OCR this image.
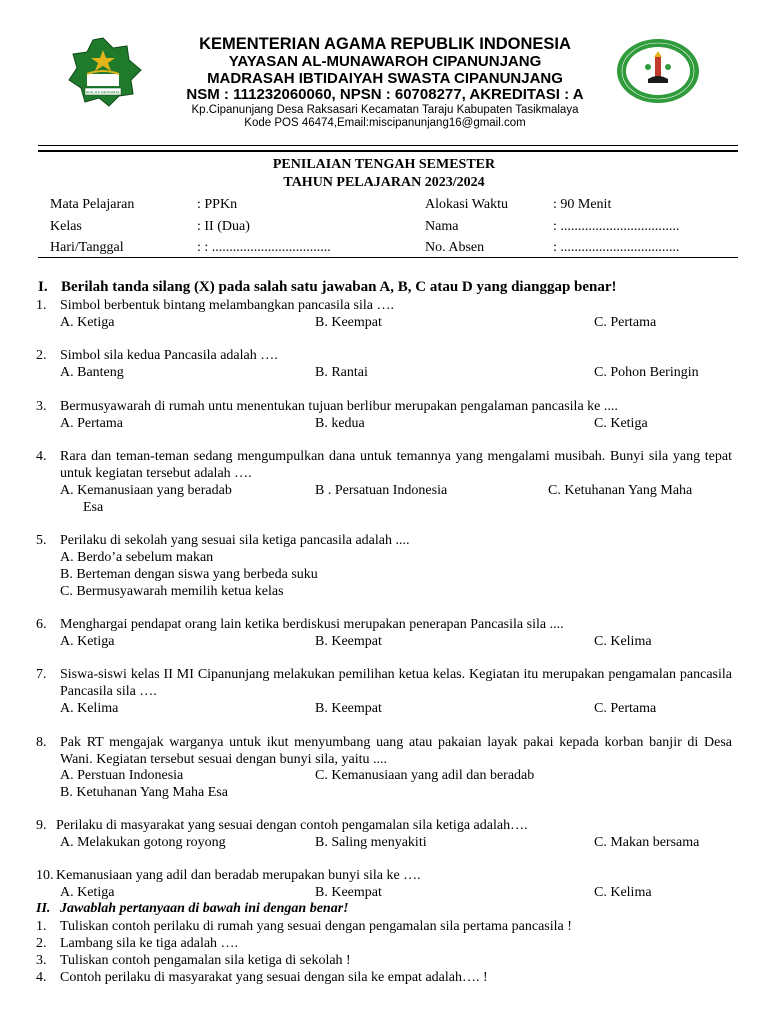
IKHLAS BERAMAL
KEMENTERIAN AGAMA REPUBLIK INDONESIA
YAYASAN AL-MUNAWAROH CIPANUNJANG
MADRASAH IBTIDAIYAH SWASTA CIPANUNJANG
NSM : 111232060060, NPSN : 60708277, AKREDITASI : A
Kp.Cipanunjang Desa Raksasari Kecamatan Taraju Kabupaten Tasikmalaya
Kode POS 46474,Email:miscipanunjang16@gmail.com
PENILAIAN TENGAH SEMESTER
TAHUN PELAJARAN 2023/2024
Mata Pelajaran	: PPKn	Alokasi Waktu	: 90 Menit
Kelas	: II (Dua)	Nama	: ..................................
Hari/Tanggal	: : ..................................	No. Absen	: ..................................
I. Berilah tanda silang (X) pada salah satu jawaban A, B, C atau D yang dianggap benar!
1. Simbol berbentuk bintang melambangkan pancasila sila ….
A. Ketiga	B. Keempat	C. Pertama
2. Simbol sila kedua Pancasila adalah ….
A. Banteng	B. Rantai	C. Pohon Beringin
3. Bermusyawarah di rumah untu menentukan tujuan berlibur merupakan pengalaman pancasila ke ....
A. Pertama	B. kedua	C. Ketiga
4. Rara dan teman-teman sedang mengumpulkan dana untuk temannya yang mengalami musibah. Bunyi sila yang tepat untuk kegiatan tersebut adalah ….
A. Kemanusiaan yang beradab	B . Persatuan Indonesia	C. Ketuhanan Yang Maha
Esa
5. Perilaku di sekolah yang sesuai sila ketiga pancasila adalah ....
A. Berdo’a sebelum makan
B. Berteman dengan siswa yang berbeda suku
C. Bermusyawarah memilih ketua kelas
6. Menghargai pendapat orang lain ketika berdiskusi merupakan penerapan Pancasila sila ....
A. Ketiga	B. Keempat	C. Kelima
7. Siswa-siswi kelas II MI Cipanunjang melakukan pemilihan ketua kelas. Kegiatan itu merupakan pengamalan pancasila Pancasila sila ….
A. Kelima	B. Keempat	C. Pertama
8. Pak RT mengajak warganya untuk ikut menyumbang uang atau pakaian layak pakai kepada korban banjir di Desa Wani. Kegiatan tersebut sesuai dengan bunyi sila, yaitu ....
A. Perstuan Indonesia	C. Kemanusiaan yang adil dan beradab
B. Ketuhanan Yang Maha Esa
9. Perilaku di masyarakat yang sesuai dengan contoh pengamalan sila ketiga adalah….
A. Melakukan gotong royong	B. Saling menyakiti	C. Makan bersama
10. Kemanusiaan yang adil dan beradab merupakan bunyi sila ke ….
A. Ketiga	B. Keempat	C. Kelima
II. Jawablah pertanyaan di bawah ini dengan benar!
1. Tuliskan contoh perilaku di rumah yang sesuai dengan pengamalan sila pertama pancasila !
2. Lambang sila ke tiga adalah ….
3. Tuliskan contoh pengamalan sila ketiga di sekolah !
4. Contoh perilaku di masyarakat yang sesuai dengan sila ke empat adalah…. !
